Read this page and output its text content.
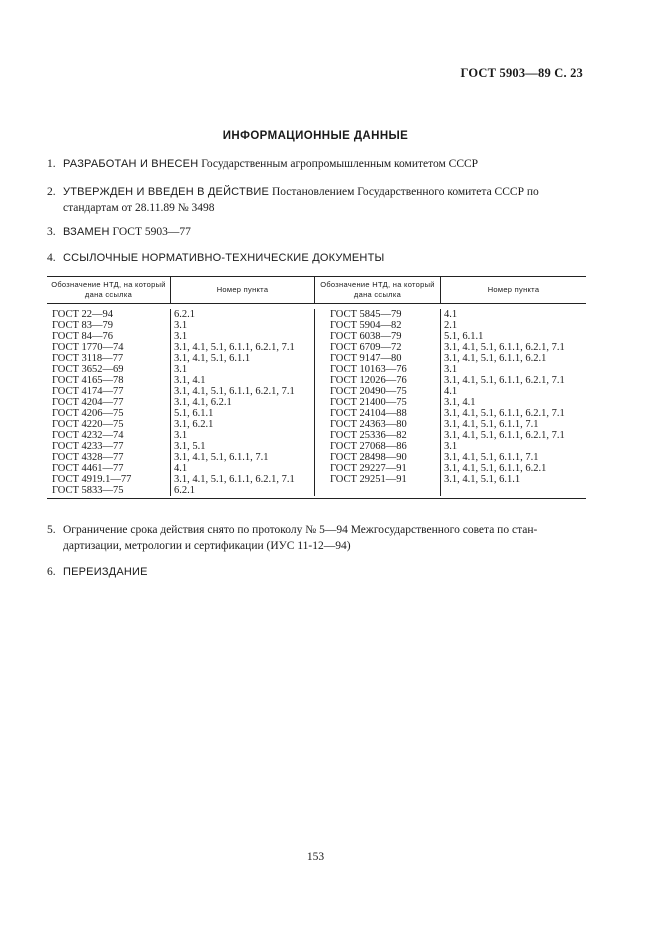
ГОСТ 5903—89 С. 23
ИНФОРМАЦИОННЫЕ ДАННЫЕ
1. РАЗРАБОТАН И ВНЕСЕН Государственным агропромышленным комитетом СССР
2. УТВЕРЖДЕН И ВВЕДЕН В ДЕЙСТВИЕ Постановлением Государственного комитета СССР по
стандартам от 28.11.89 № 3498
3. ВЗАМЕН ГОСТ 5903—77
4. ССЫЛОЧНЫЕ НОРМАТИВНО-ТЕХНИЧЕСКИЕ ДОКУМЕНТЫ
Обозначение НТД, на который дана ссылка
Номер пункта
Обозначение НТД, на который дана ссылка
Номер пункта
ГОСТ 22—94
ГОСТ 83—79
ГОСТ 84—76
ГОСТ 1770—74
ГОСТ 3118—77
ГОСТ 3652—69
ГОСТ 4165—78
ГОСТ 4174—77
ГОСТ 4204—77
ГОСТ 4206—75
ГОСТ 4220—75
ГОСТ 4232—74
ГОСТ 4233—77
ГОСТ 4328—77
ГОСТ 4461—77
ГОСТ 4919.1—77
ГОСТ 5833—75
6.2.1
3.1
3.1
3.1, 4.1, 5.1, 6.1.1, 6.2.1, 7.1
3.1, 4.1, 5.1, 6.1.1
3.1
3.1, 4.1
3.1, 4.1, 5.1, 6.1.1, 6.2.1, 7.1
3.1, 4.1, 6.2.1
5.1, 6.1.1
3.1, 6.2.1
3.1
3.1, 5.1
3.1, 4.1, 5.1, 6.1.1, 7.1
4.1
3.1, 4.1, 5.1, 6.1.1, 6.2.1, 7.1
6.2.1
ГОСТ 5845—79
ГОСТ 5904—82
ГОСТ 6038—79
ГОСТ 6709—72
ГОСТ 9147—80
ГОСТ 10163—76
ГОСТ 12026—76
ГОСТ 20490—75
ГОСТ 21400—75
ГОСТ 24104—88
ГОСТ 24363—80
ГОСТ 25336—82
ГОСТ 27068—86
ГОСТ 28498—90
ГОСТ 29227—91
ГОСТ 29251—91
4.1
2.1
5.1, 6.1.1
3.1, 4.1, 5.1, 6.1.1, 6.2.1, 7.1
3.1, 4.1, 5.1, 6.1.1, 6.2.1
3.1
3.1, 4.1, 5.1, 6.1.1, 6.2.1, 7.1
4.1
3.1, 4.1
3.1, 4.1, 5.1, 6.1.1, 6.2.1, 7.1
3.1, 4.1, 5.1, 6.1.1, 7.1
3.1, 4.1, 5.1, 6.1.1, 6.2.1, 7.1
3.1
3.1, 4.1, 5.1, 6.1.1, 7.1
3.1, 4.1, 5.1, 6.1.1, 6.2.1
3.1, 4.1, 5.1, 6.1.1
5. Ограничение срока действия снято по протоколу № 5—94 Межгосударственного совета по стан-
дартизации, метрологии и сертификации (ИУС 11-12—94)
6. ПЕРЕИЗДАНИЕ
153
